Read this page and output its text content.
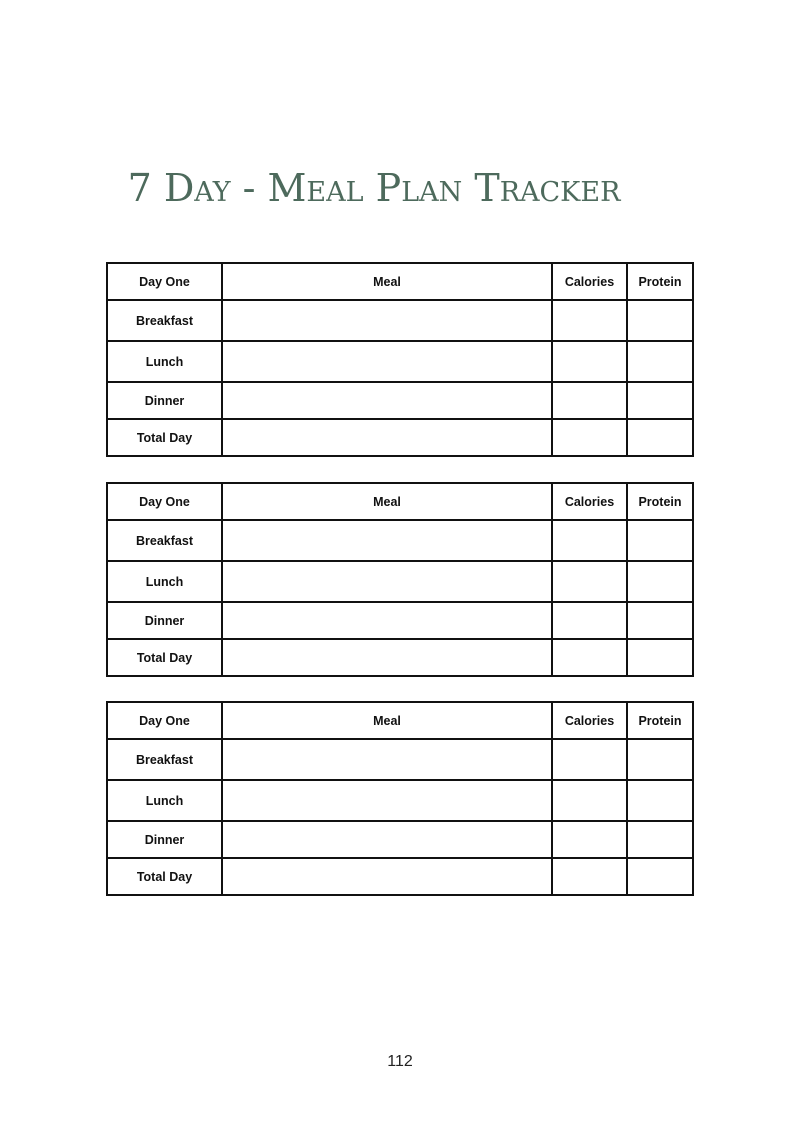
7 Day - Meal Plan Tracker
Day One	Meal	Calories	Protein
Breakfast			
Lunch			
Dinner			
Total Day			
Day One	Meal	Calories	Protein
Breakfast			
Lunch			
Dinner			
Total Day			
Day One	Meal	Calories	Protein
Breakfast			
Lunch			
Dinner			
Total Day			
112
